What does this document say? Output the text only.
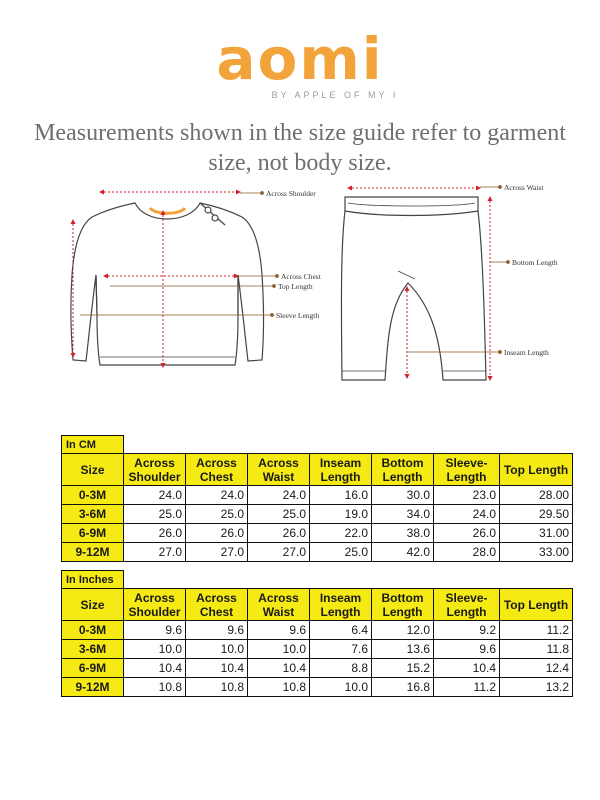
aomi
BY APPLE OF MY I
Measurements shown in the size guide refer to garment size, not body size.
Across Shoulder
Across Chest
Top Length
Sleeve Length
Across Waist
Bottom Length
Inseam Length
In CM							
Size	Across Shoulder	Across Chest	Across Waist	Inseam Length	Bottom Length	Sleeve-Length	Top Length
0-3M	24.0	24.0	24.0	16.0	30.0	23.0	28.00
3-6M	25.0	25.0	25.0	19.0	34.0	24.0	29.50
6-9M	26.0	26.0	26.0	22.0	38.0	26.0	31.00
9-12M	27.0	27.0	27.0	25.0	42.0	28.0	33.00
In Inches							
Size	Across Shoulder	Across Chest	Across Waist	Inseam Length	Bottom Length	Sleeve-Length	Top Length
0-3M	9.6	9.6	9.6	6.4	12.0	9.2	11.2
3-6M	10.0	10.0	10.0	7.6	13.6	9.6	11.8
6-9M	10.4	10.4	10.4	8.8	15.2	10.4	12.4
9-12M	10.8	10.8	10.8	10.0	16.8	11.2	13.2
